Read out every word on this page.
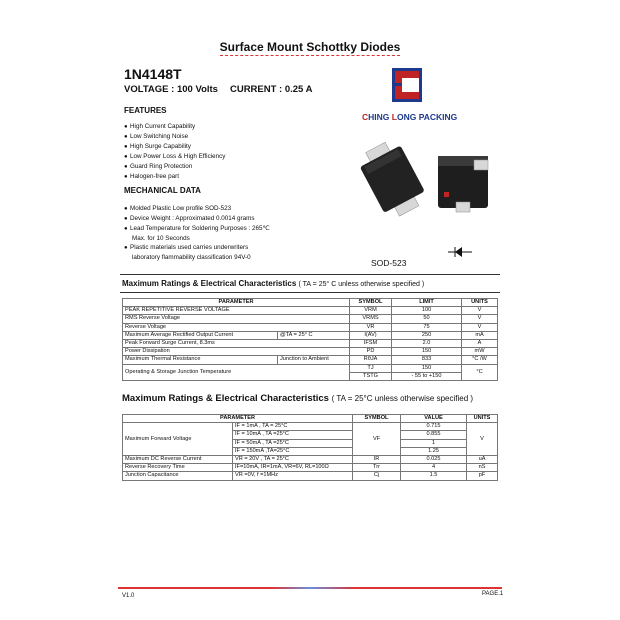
Surface Mount Schottky Diodes
1N4148T
VOLTAGE : 100 Volts CURRENT : 0.25 A
CHING LONG PACKING
FEATURES
● High Current Capability
● Low Switching Noise
● High Surge Capability
● Low Power Loss & High Efficiency
● Guard Ring Protection
● Halogen-free part
MECHANICAL DATA
● Molded Plastic Low profile SOD-523
● Device Weight : Approximated 0.0014 grams
● Lead Temperature for Soldering Purposes : 265℃
Max. for 10 Seconds
● Plastic materials used carries underwriters
laboratory flammability classification 94V-0
SOD-523
Maximum Ratings & Electrical Characteristics ( TA = 25° C unless otherwise specified )
PARAMETER		SYMBOL	LIMIT	UNITS
PEAK REPETITIVE REVERSE VOLTAGE		VRM	100	V
RMS Reverse Voltage		VRMS	50	V
Reverse Voltage		VR	75	V
Maximum Average Rectified Output Current	@TA = 25° C	I(AV)	250	mA
Peak Forward Surge Current, 8.3ms		IFSM	2.0	A
Power Dissipation		PD	150	mW
Maximum Thermal Resistance	Junction to Ambient	RθJA	833	°C /W
Operating & Storage Junction Temperature		TJ	150	°C
		TSTG	- 55 to +150	
Maximum Ratings & Electrical Characteristics ( TA = 25°C unless otherwise specified )
PARAMETER		SYMBOL	VALUE	UNITS
Maximum Forward Voltage	IF = 1mA , TA = 25°C	VF	0.715	V
	IF = 10mA , TA =25°C		0.855	
	IF = 50mA , TA =25°C		1	
	IF = 150mA ,TA=25°C		1.25	
Maximum DC Reverse Current	VR = 20V , TA = 25°C	IR	0.025	uA
Reverse Recovery Time	IF=10mA, IR=1mA, VR=6V, RL=100Ω	Trr	4	nS
Junction Capacitance	VR =0V, f =1MHz	Cj	1.5	pF
V1.0	PAGE.1
